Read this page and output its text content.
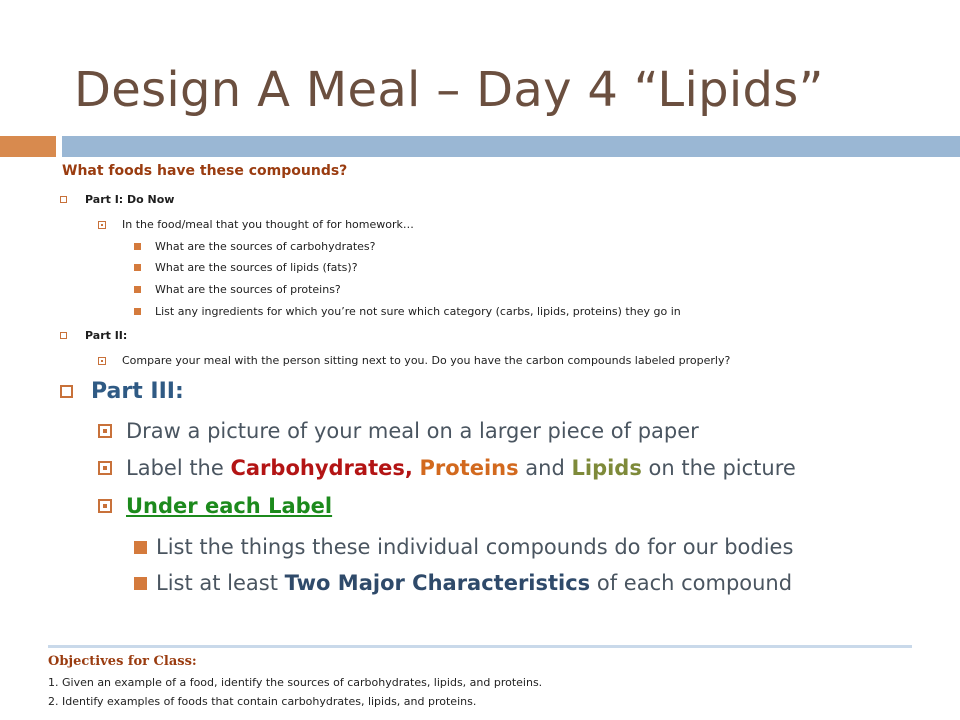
Design A Meal – Day 4 “Lipids”
What foods have these compounds?
Part I: Do Now
In the food/meal that you thought of for homework…
What are the sources of carbohydrates?
What are the sources of lipids (fats)?
What are the sources of proteins?
List any ingredients for which you’re not sure which category (carbs, lipids, proteins) they go in
Part II:
Compare your meal with the person sitting next to you. Do you have the carbon compounds labeled properly?
Part III:
Draw a picture of your meal on a larger piece of paper
Label the Carbohydrates, Proteins and Lipids on the picture
Under each Label
List the things these individual compounds do for our bodies
List at least Two Major Characteristics of each compound
Objectives for Class:
1. Given an example of a food, identify the sources of carbohydrates, lipids, and proteins.
2. Identify examples of foods that contain carbohydrates, lipids, and proteins.
